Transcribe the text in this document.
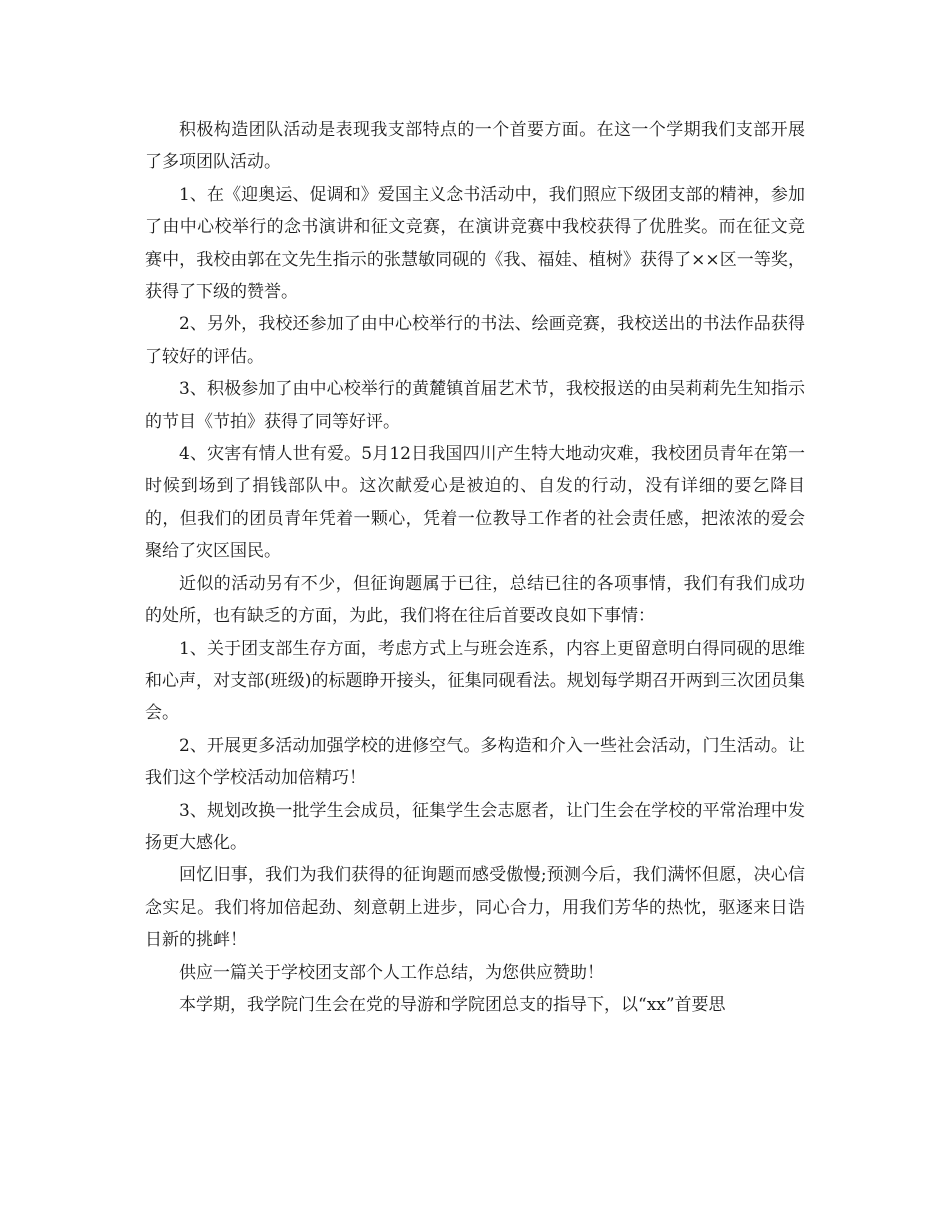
积极构造团队活动是表现我支部特点的一个首要方面。在这一个学期我们支部开展了多项团队活动。

1、在《迎奥运、促调和》爱国主义念书活动中，我们照应下级团支部的精神，参加了由中心校举行的念书演讲和征文竞赛，在演讲竞赛中我校获得了优胜奖。而在征文竞赛中，我校由郭在文先生指示的张慧敏同砚的《我、福娃、植树》获得了××区一等奖，获得了下级的赞誉。

2、另外，我校还参加了由中心校举行的书法、绘画竞赛，我校送出的书法作品获得了较好的评估。

3、积极参加了由中心校举行的黄麓镇首届艺术节，我校报送的由吴莉莉先生知指示的节目《节拍》获得了同等好评。

4、灾害有情人世有爱。5月12日我国四川产生特大地动灾难，我校团员青年在第一时候到场到了捐钱部队中。这次献爱心是被迫的、自发的行动，没有详细的要乞降目的，但我们的团员青年凭着一颗心，凭着一位教导工作者的社会责任感，把浓浓的爱会聚给了灾区国民。

近似的活动另有不少，但征询题属于已往，总结已往的各项事情，我们有我们成功的处所，也有缺乏的方面，为此，我们将在往后首要改良如下事情：

1、关于团支部生存方面，考虑方式上与班会连系，内容上更留意明白得同砚的思维和心声，对支部(班级)的标题睁开接头，征集同砚看法。规划每学期召开两到三次团员集会。

2、开展更多活动加强学校的进修空气。多构造和介入一些社会活动，门生活动。让我们这个学校活动加倍精巧！

3、规划改换一批学生会成员，征集学生会志愿者，让门生会在学校的平常治理中发扬更大感化。

回忆旧事，我们为我们获得的征询题而感受傲慢;预测今后，我们满怀但愿，决心信念实足。我们将加倍起劲、刻意朝上进步，同心合力，用我们芳华的热忱，驱逐来日诰日新的挑衅！

供应一篇关于学校团支部个人工作总结，为您供应赞助！

本学期，我学院门生会在党的导游和学院团总支的指导下，以“xx”首要思
